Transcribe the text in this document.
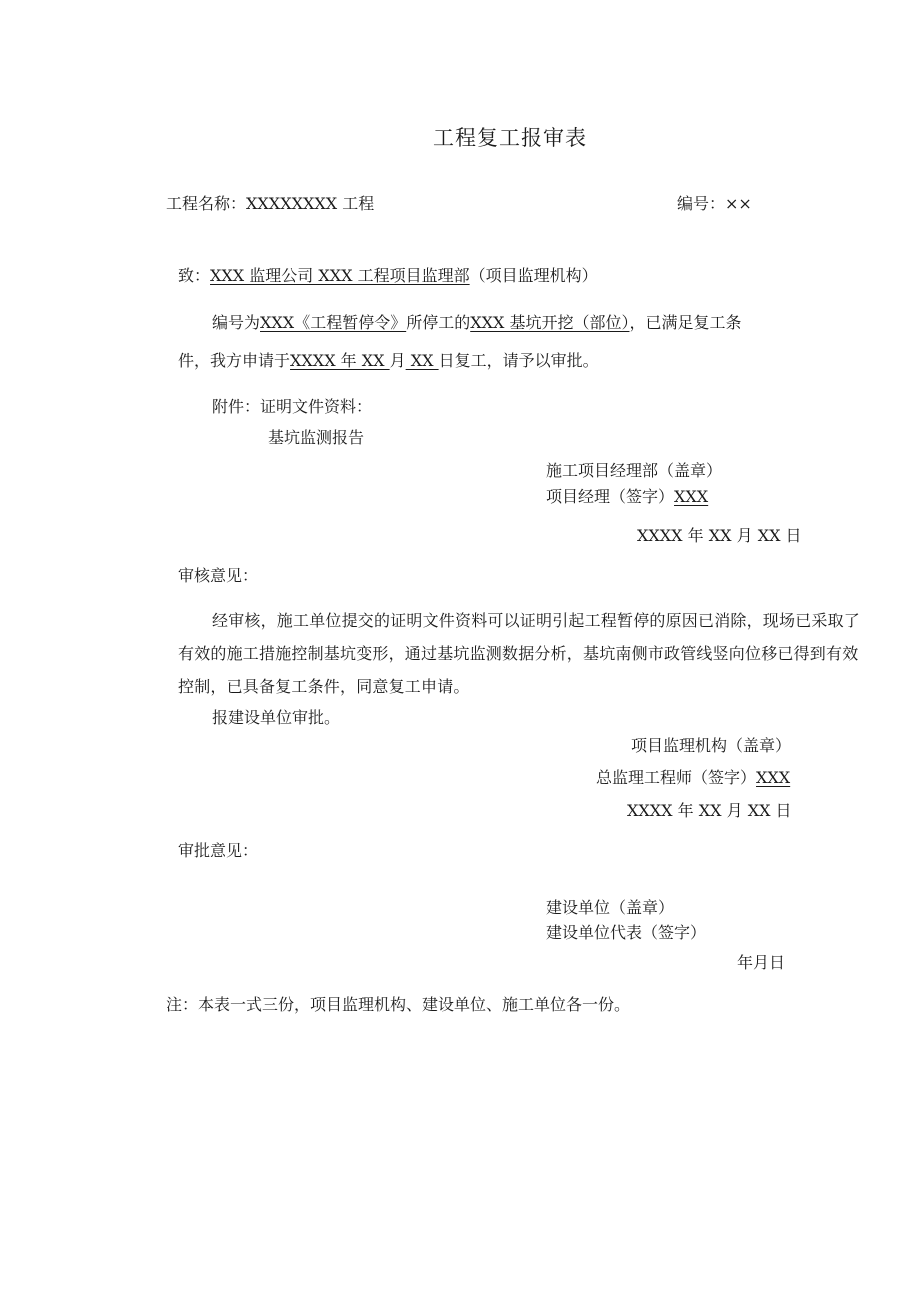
工程复工报审表
工程名称：XXXXXXXX 工程	编号：××
致：XXX 监理公司 XXX 工程项目监理部（项目监理机构）
编号为XXX《工程暂停令》所停工的XXX 基坑开挖（部位），已满足复工条
件，我方申请于XXXX 年 XX 月 XX 日复工，请予以审批。
附件：证明文件资料：
基坑监测报告
施工项目经理部（盖章）
项目经理（签字）XXX
XXXX 年 XX 月 XX 日
审核意见：
经审核，施工单位提交的证明文件资料可以证明引起工程暂停的原因已消除，现场已采取了有效的施工措施控制基坑变形，通过基坑监测数据分析，基坑南侧市政管线竖向位移已得到有效控制，已具备复工条件，同意复工申请。
报建设单位审批。
项目监理机构（盖章）
总监理工程师（签字）XXX
XXXX 年 XX 月 XX 日
审批意见：
建设单位（盖章）
建设单位代表（签字）
年月日
注：本表一式三份，项目监理机构、建设单位、施工单位各一份。
